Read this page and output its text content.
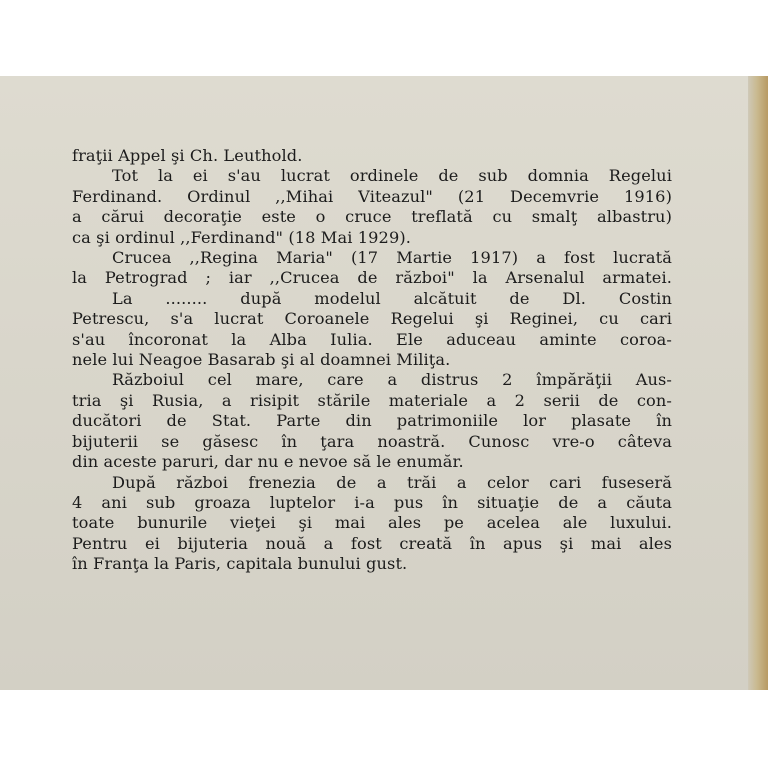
fraţii Appel şi Ch. Leuthold.
Tot la ei s'au lucrat ordinele de sub domnia Regelui
Ferdinand. Ordinul ,,Mihai Viteazul" (21 Decemvrie 1916)
a cărui decoraţie este o cruce treflată cu smalţ albastru)
ca şi ordinul ,,Ferdinand" (18 Mai 1929).
Crucea ,,Regina Maria" (17 Martie 1917) a fost lucrată
la Petrograd ; iar ,,Crucea de război" la Arsenalul armatei.
La ........ după modelul alcătuit de Dl. Costin
Petrescu, s'a lucrat Coroanele Regelui şi Reginei, cu cari
s'au încoronat la Alba Iulia. Ele aduceau aminte coroa-
nele lui Neagoe Basarab şi al doamnei Miliţa.
Războiul cel mare, care a distrus 2 împărăţii Aus-
tria şi Rusia, a risipit stările materiale a 2 serii de con-
ducători de Stat. Parte din patrimoniile lor plasate în
bijuterii se găsesc în ţara noastră. Cunosc vre-o câteva
din aceste paruri, dar nu e nevoe să le enumăr.
După război frenezia de a trăi a celor cari fuseseră
4 ani sub groaza luptelor i-a pus în situaţie de a căuta
toate bunurile vieţei şi mai ales pe acelea ale luxului.
Pentru ei bijuteria nouă a fost creată în apus şi mai ales
în Franţa la Paris, capitala bunului gust.
